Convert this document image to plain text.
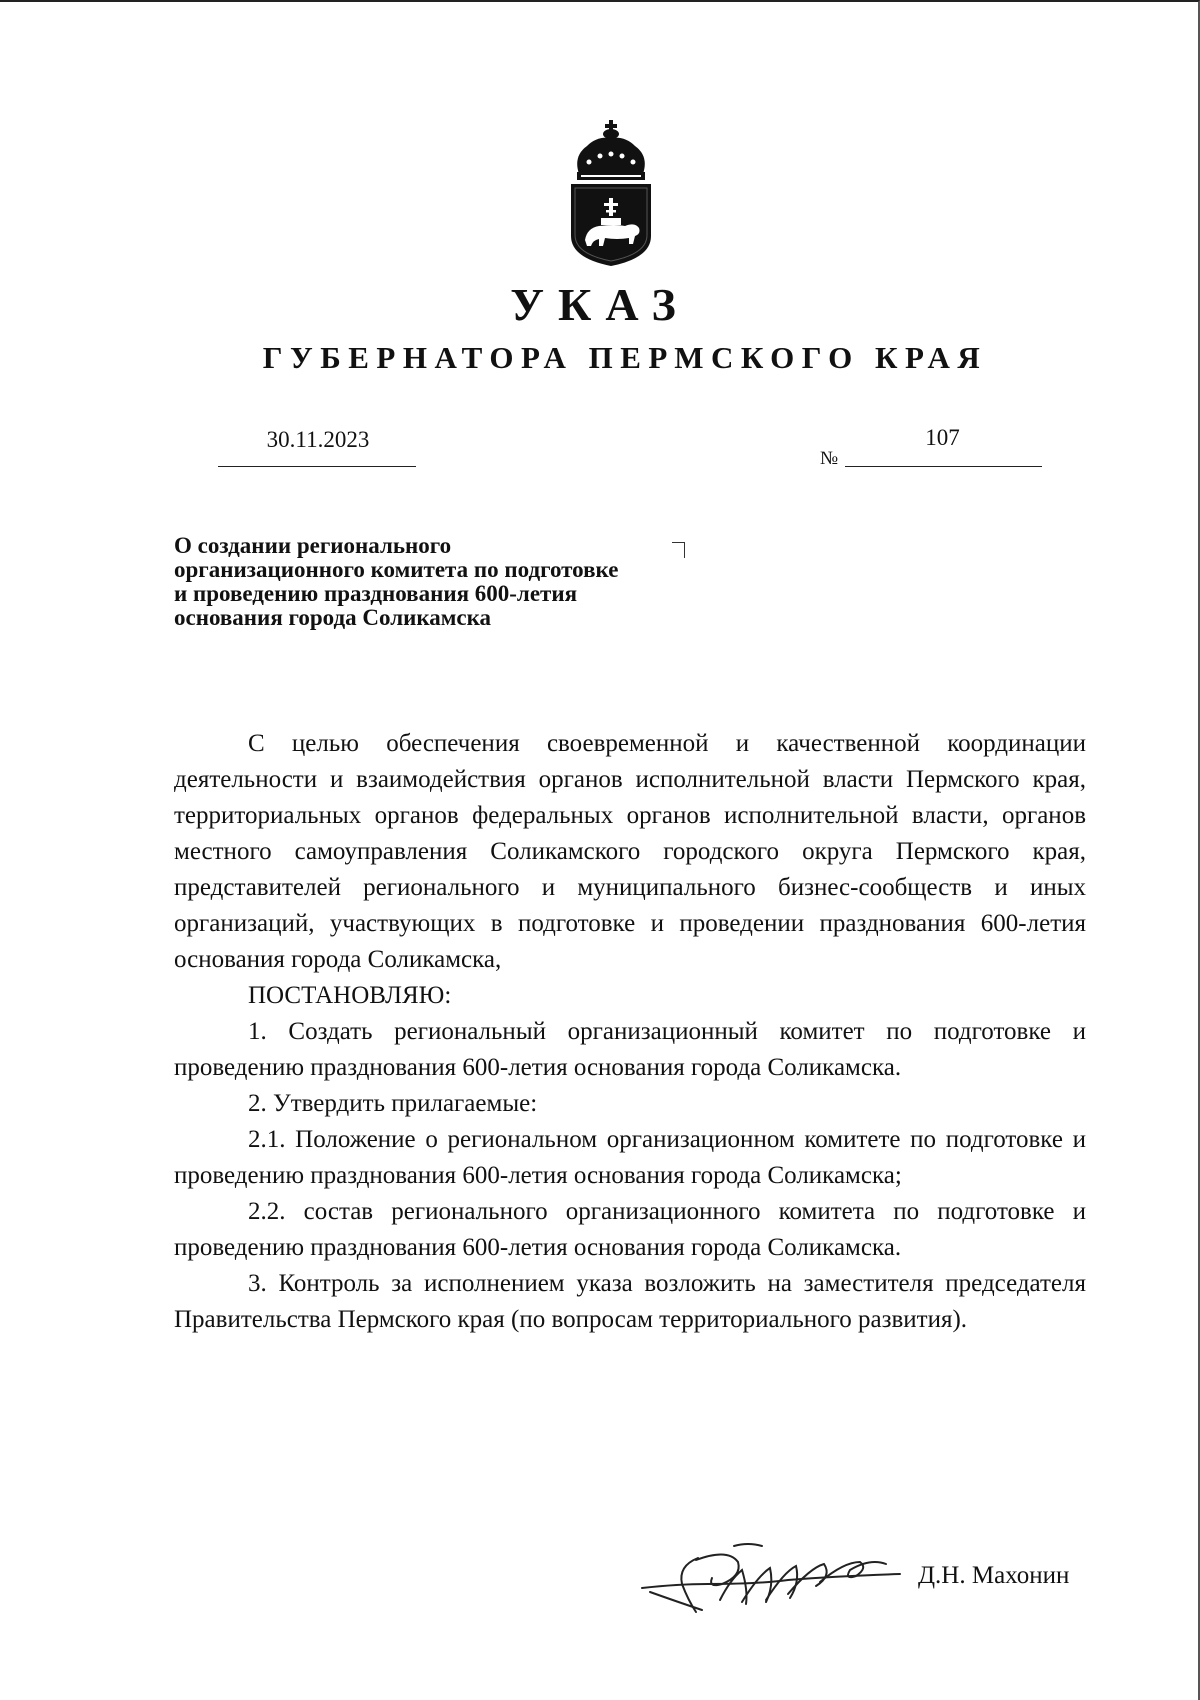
УКАЗ
ГУБЕРНАТОРА ПЕРМСКОГО КРАЯ
30.11.2023
№
107
О создании регионального организационного комитета по подготовке и проведению празднования 600-летия основания города Соликамска

С целью обеспечения своевременной и качественной координации деятельности и взаимодействия органов исполнительной власти Пермского края, территориальных органов федеральных органов исполнительной власти, органов местного самоуправления Соликамского городского округа Пермского края, представителей регионального и муниципального бизнес-сообществ и иных организаций, участвующих в подготовке и проведении празднования 600-летия основания города Соликамска,

ПОСТАНОВЛЯЮ:

1. Создать региональный организационный комитет по подготовке и проведению празднования 600-летия основания города Соликамска.

2. Утвердить прилагаемые:

2.1. Положение о региональном организационном комитете по подготовке и проведению празднования 600-летия основания города Соликамска;

2.2. состав регионального организационного комитета по подготовке и проведению празднования 600-летия основания города Соликамска.

3. Контроль за исполнением указа возложить на заместителя председателя Правительства Пермского края (по вопросам территориального развития).

Д.Н. Махонин
